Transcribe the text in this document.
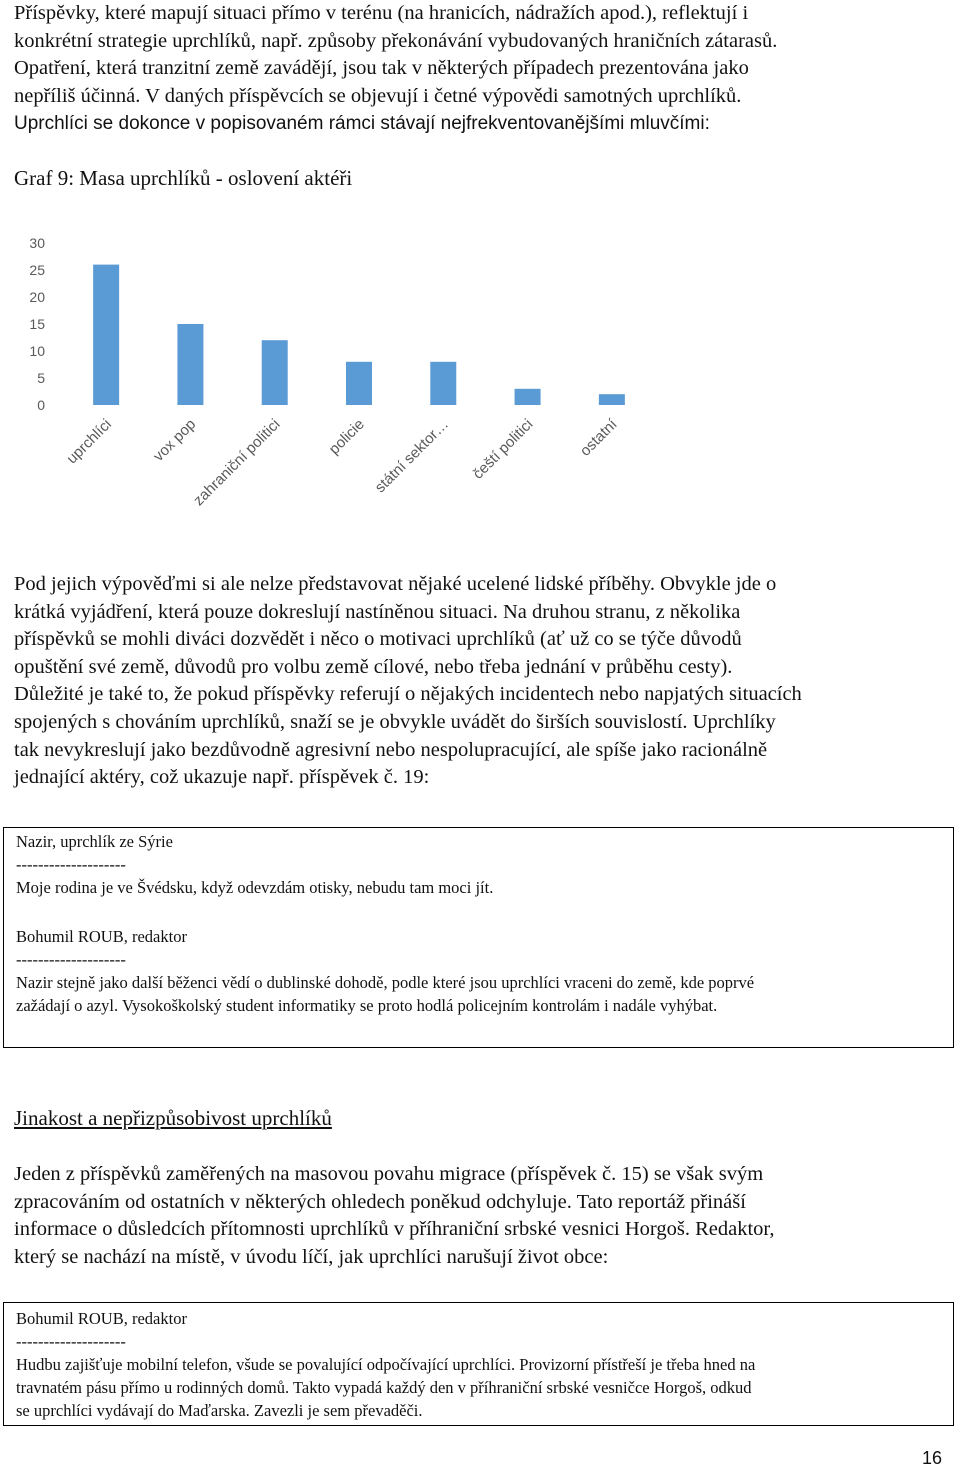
Příspěvky, které mapují situaci přímo v terénu (na hranicích, nádražích apod.), reflektují i
konkrétní strategie uprchlíků, např. způsoby překonávání vybudovaných hraničních zátarasů.
Opatření, která tranzitní země zavádějí, jsou tak v některých případech prezentována jako
nepříliš účinná. V daných příspěvcích se objevují i četné výpovědi samotných uprchlíků.
Uprchlíci se dokonce v popisovaném rámci stávají nejfrekventovanějšími mluvčími:

Graf 9: Masa uprchlíků - oslovení aktéři

0
5
10
15
20
25
30
uprchlíci vox pop
zahraniční politici	policie státní sektor… čeští politici	ostatní
Pod jejich výpověďmi si ale nelze představovat nějaké ucelené lidské příběhy. Obvykle jde o
krátká vyjádření, která pouze dokreslují nastíněnou situaci. Na druhou stranu, z několika
příspěvků se mohli diváci dozvědět i něco o motivaci uprchlíků (ať už co se týče důvodů
opuštění své země, důvodů pro volbu země cílové, nebo třeba jednání v průběhu cesty).
Důležité je také to, že pokud příspěvky referují o nějakých incidentech nebo napjatých situacích
spojených s chováním uprchlíků, snaží se je obvykle uvádět do širších souvislostí. Uprchlíky
tak nevykreslují jako bezdůvodně agresivní nebo nespolupracující, ale spíše jako racionálně
jednající aktéry, což ukazuje např. příspěvek č. 19:

Nazir, uprchlík ze Sýrie

--------------------

Moje rodina je ve Švédsku, když odevzdám otisky, nebudu tam moci jít.

Bohumil ROUB, redaktor

--------------------

Nazir stejně jako další běženci vědí o dublinské dohodě, podle které jsou uprchlíci vraceni do země, kde poprvé

zažádají o azyl. Vysokoškolský student informatiky se proto hodlá policejním kontrolám i nadále vyhýbat.

Jinakost a nepřizpůsobivost uprchlíků
Jeden z příspěvků zaměřených na masovou povahu migrace (příspěvek č. 15) se však svým
zpracováním od ostatních v některých ohledech poněkud odchyluje. Tato reportáž přináší
informace o důsledcích přítomnosti uprchlíků v příhraniční srbské vesnici Horgoš. Redaktor,
který se nachází na místě, v úvodu líčí, jak uprchlíci narušují život obce:

Bohumil ROUB, redaktor

--------------------

Hudbu zajišťuje mobilní telefon, všude se povalující odpočívající uprchlíci. Provizorní přístřeší je třeba hned na

travnatém pásu přímo u rodinných domů. Takto vypadá každý den v příhraniční srbské vesničce Horgoš, odkud

se uprchlíci vydávají do Maďarska. Zavezli je sem převaděči.

16
